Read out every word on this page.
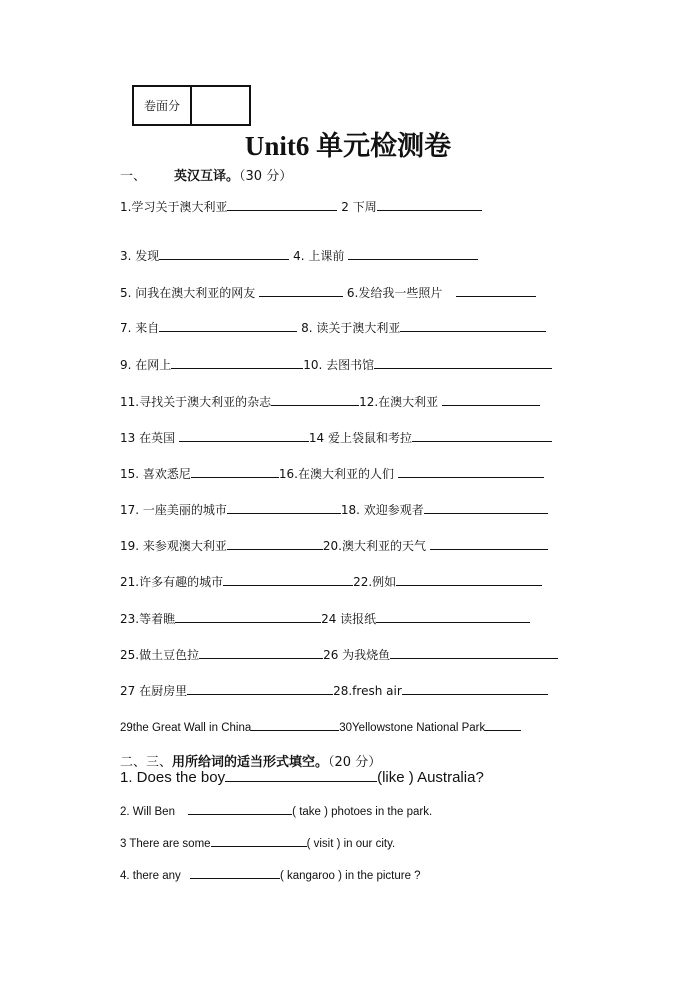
卷面分
Unit6 单元检测卷
一、 英汉互译。（30 分）
1.学习关于澳大利亚	2 下周
3. 发现	4. 上课前
5. 问我在澳大利亚的网友	6.发给我一些照片
7. 来自	8. 读关于澳大利亚
9. 在网上	10. 去图书馆
11.寻找关于澳大利亚的杂志	12.在澳大利亚
13 在英国	14 爱上袋鼠和考拉
15. 喜欢悉尼	16.在澳大利亚的人们
17. 一座美丽的城市	18. 欢迎参观者
19. 来参观澳大利亚	20.澳大利亚的天气
21.许多有趣的城市	22.例如
23.等着瞧	24 读报纸
25.做土豆色拉	26 为我烧鱼
27 在厨房里	28.fresh air
29the Great Wall in China	30Yellowstone National Park
二、三、用所给词的适当形式填空。（20 分）
1. Does the boy	(like ) Australia?
2. Will Ben	( take ) photoes in the park.
3 There are some	( visit ) in our city.
4. there any	( kangaroo ) in the picture ?
